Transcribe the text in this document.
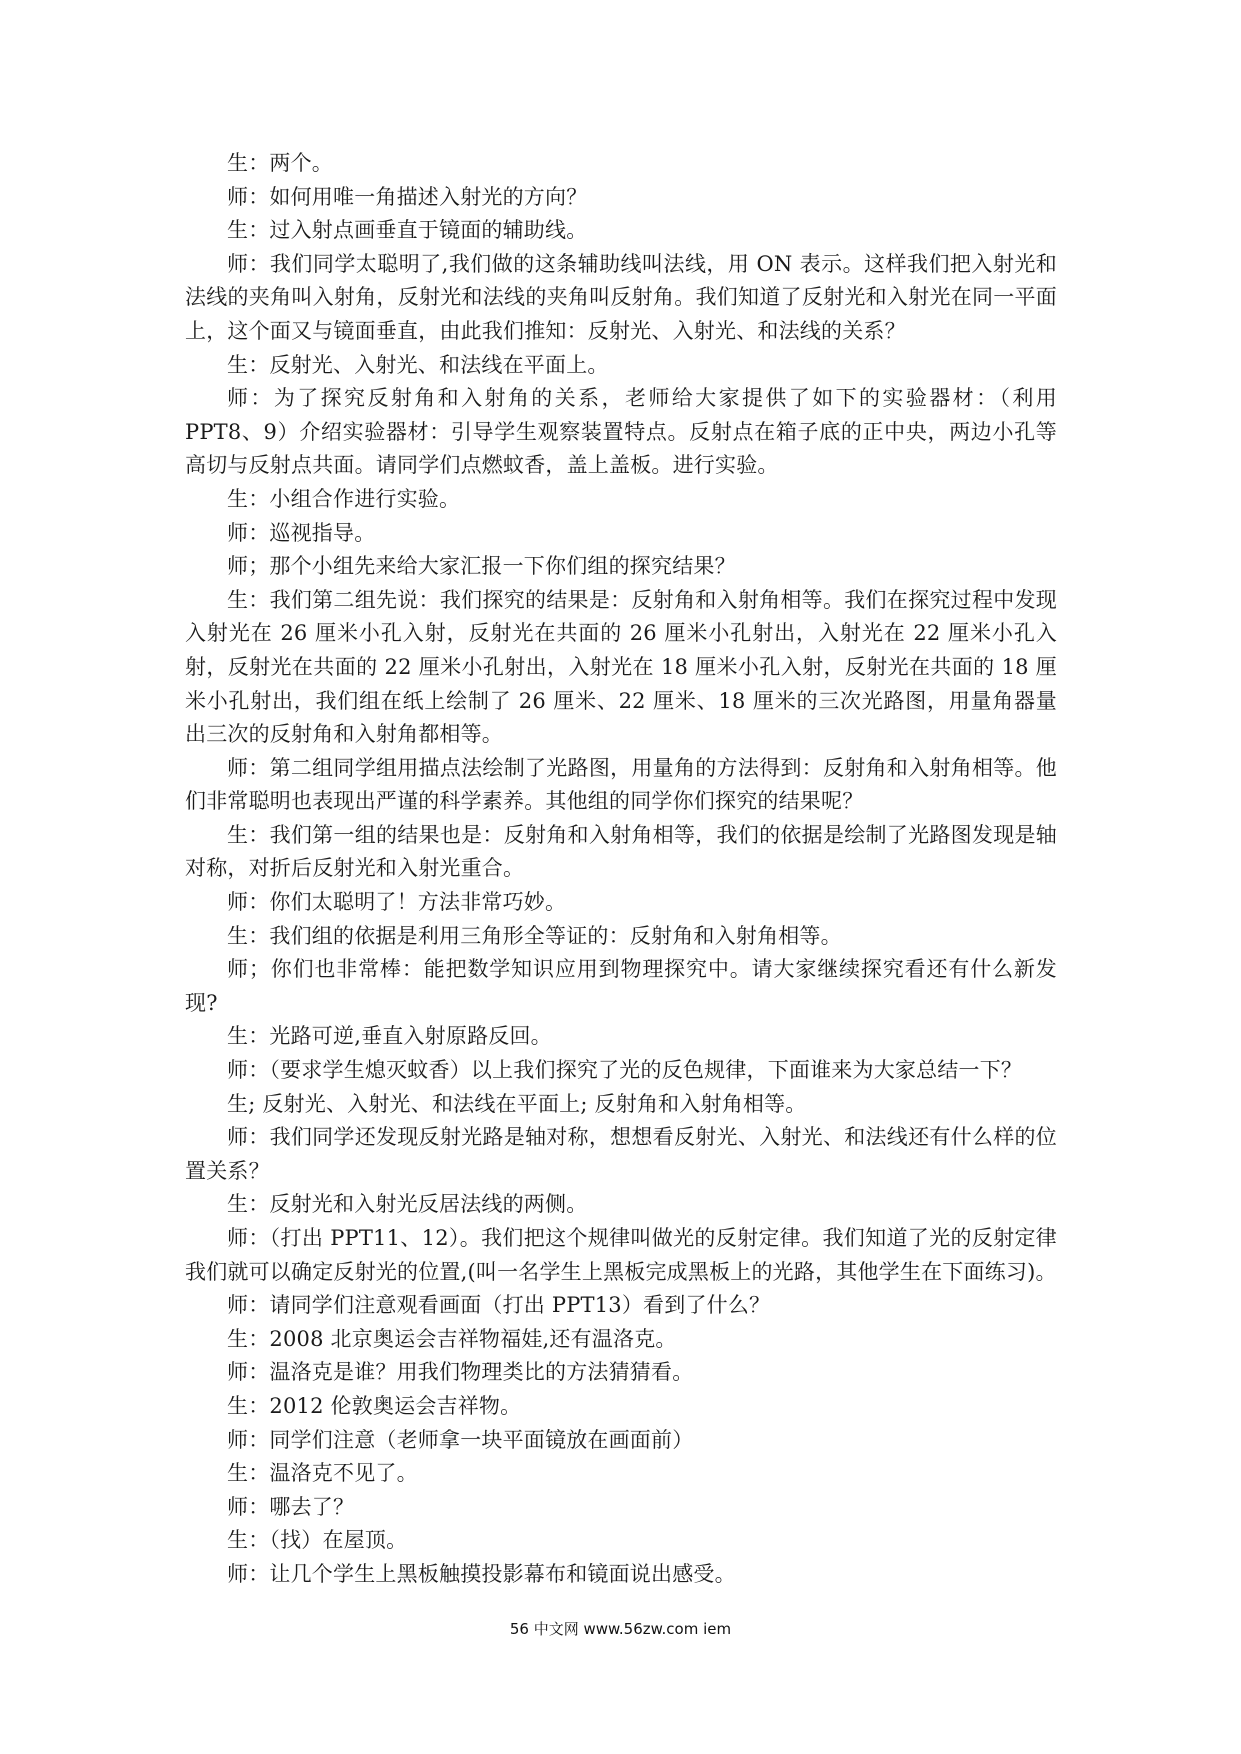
生：两个。

师：如何用唯一角描述入射光的方向？

生：过入射点画垂直于镜面的辅助线。

师：我们同学太聪明了,我们做的这条辅助线叫法线，用 ON 表示。这样我们把入射光和法线的夹角叫入射角，反射光和法线的夹角叫反射角。我们知道了反射光和入射光在同一平面上，这个面又与镜面垂直，由此我们推知：反射光、入射光、和法线的关系？

生：反射光、入射光、和法线在平面上。

师：为了探究反射角和入射角的关系，老师给大家提供了如下的实验器材：（利用 PPT8、9）介绍实验器材：引导学生观察装置特点。反射点在箱子底的正中央，两边小孔等高切与反射点共面。请同学们点燃蚊香，盖上盖板。进行实验。

生：小组合作进行实验。

师：巡视指导。

师；那个小组先来给大家汇报一下你们组的探究结果？

生：我们第二组先说：我们探究的结果是：反射角和入射角相等。我们在探究过程中发现入射光在 26 厘米小孔入射，反射光在共面的 26 厘米小孔射出，入射光在 22 厘米小孔入射，反射光在共面的 22 厘米小孔射出，入射光在 18 厘米小孔入射，反射光在共面的 18 厘米小孔射出，我们组在纸上绘制了 26 厘米、22 厘米、18 厘米的三次光路图，用量角器量出三次的反射角和入射角都相等。

师：第二组同学组用描点法绘制了光路图，用量角的方法得到：反射角和入射角相等。他们非常聪明也表现出严谨的科学素养。其他组的同学你们探究的结果呢？

生：我们第一组的结果也是：反射角和入射角相等，我们的依据是绘制了光路图发现是轴对称，对折后反射光和入射光重合。

师：你们太聪明了！方法非常巧妙。

生：我们组的依据是利用三角形全等证的：反射角和入射角相等。

师；你们也非常棒：能把数学知识应用到物理探究中。请大家继续探究看还有什么新发现?

生：光路可逆,垂直入射原路反回。

师：（要求学生熄灭蚊香）以上我们探究了光的反色规律，下面谁来为大家总结一下？

生; 反射光、入射光、和法线在平面上; 反射角和入射角相等。

师：我们同学还发现反射光路是轴对称，想想看反射光、入射光、和法线还有什么样的位置关系？

生：反射光和入射光反居法线的两侧。

师：（打出 PPT11、12）。我们把这个规律叫做光的反射定律。我们知道了光的反射定律我们就可以确定反射光的位置,(叫一名学生上黑板完成黑板上的光路，其他学生在下面练习)。

师：请同学们注意观看画面（打出 PPT13）看到了什么？

生：2008 北京奥运会吉祥物福娃,还有温洛克。

师：温洛克是谁？用我们物理类比的方法猜猜看。

生：2012 伦敦奥运会吉祥物。

师：同学们注意（老师拿一块平面镜放在画面前）

生：温洛克不见了。

师：哪去了？

生：（找）在屋顶。

师：让几个学生上黑板触摸投影幕布和镜面说出感受。

56 中文网 www.56zw.com iem
